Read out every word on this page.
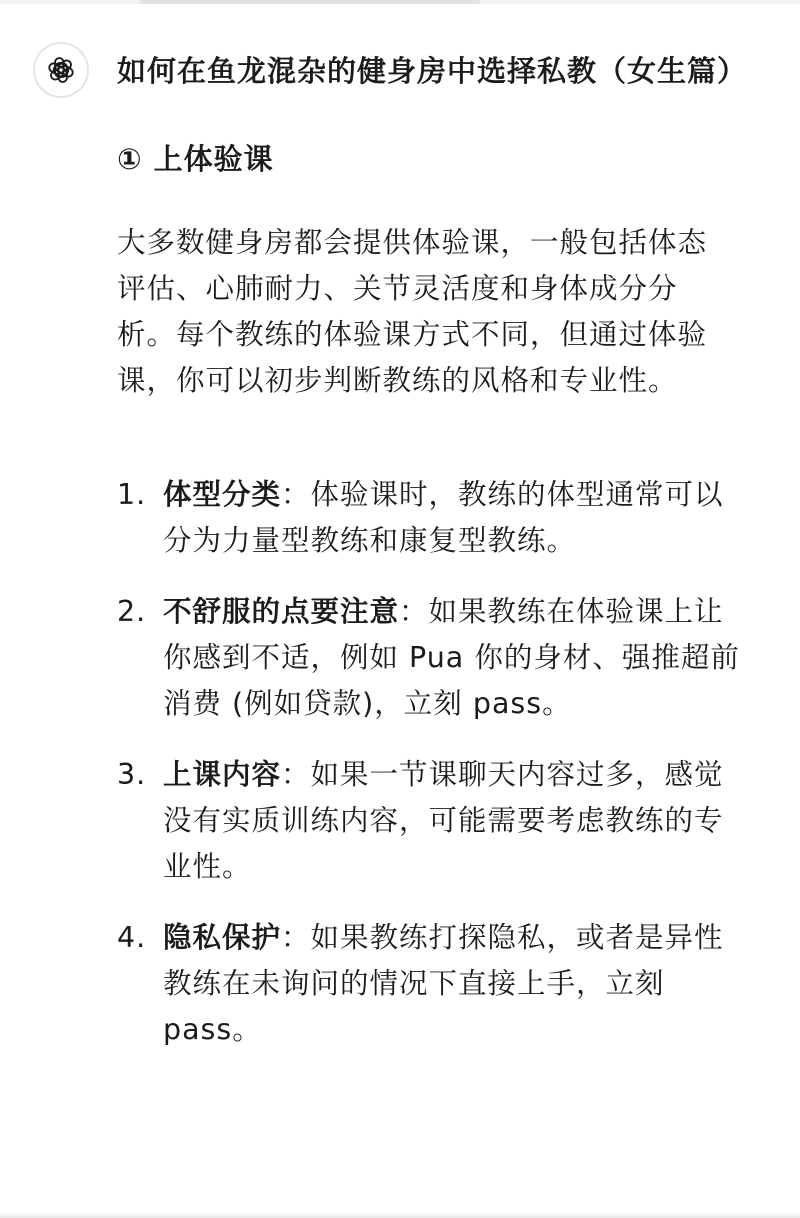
如何在鱼龙混杂的健身房中选择私教（女生篇）
① 上体验课

大多数健身房都会提供体验课，一般包括体态评估、心肺耐力、关节灵活度和身体成分分析。每个教练的体验课方式不同，但通过体验课，你可以初步判断教练的风格和专业性。

1. 体型分类：体验课时，教练的体型通常可以分为力量型教练和康复型教练。
2. 不舒服的点要注意：如果教练在体验课上让你感到不适，例如 Pua 你的身材、强推超前消费 (例如贷款)，立刻 pass。
3. 上课内容：如果一节课聊天内容过多，感觉没有实质训练内容，可能需要考虑教练的专业性。
4. 隐私保护：如果教练打探隐私，或者是异性教练在未询问的情况下直接上手，立刻 pass。
